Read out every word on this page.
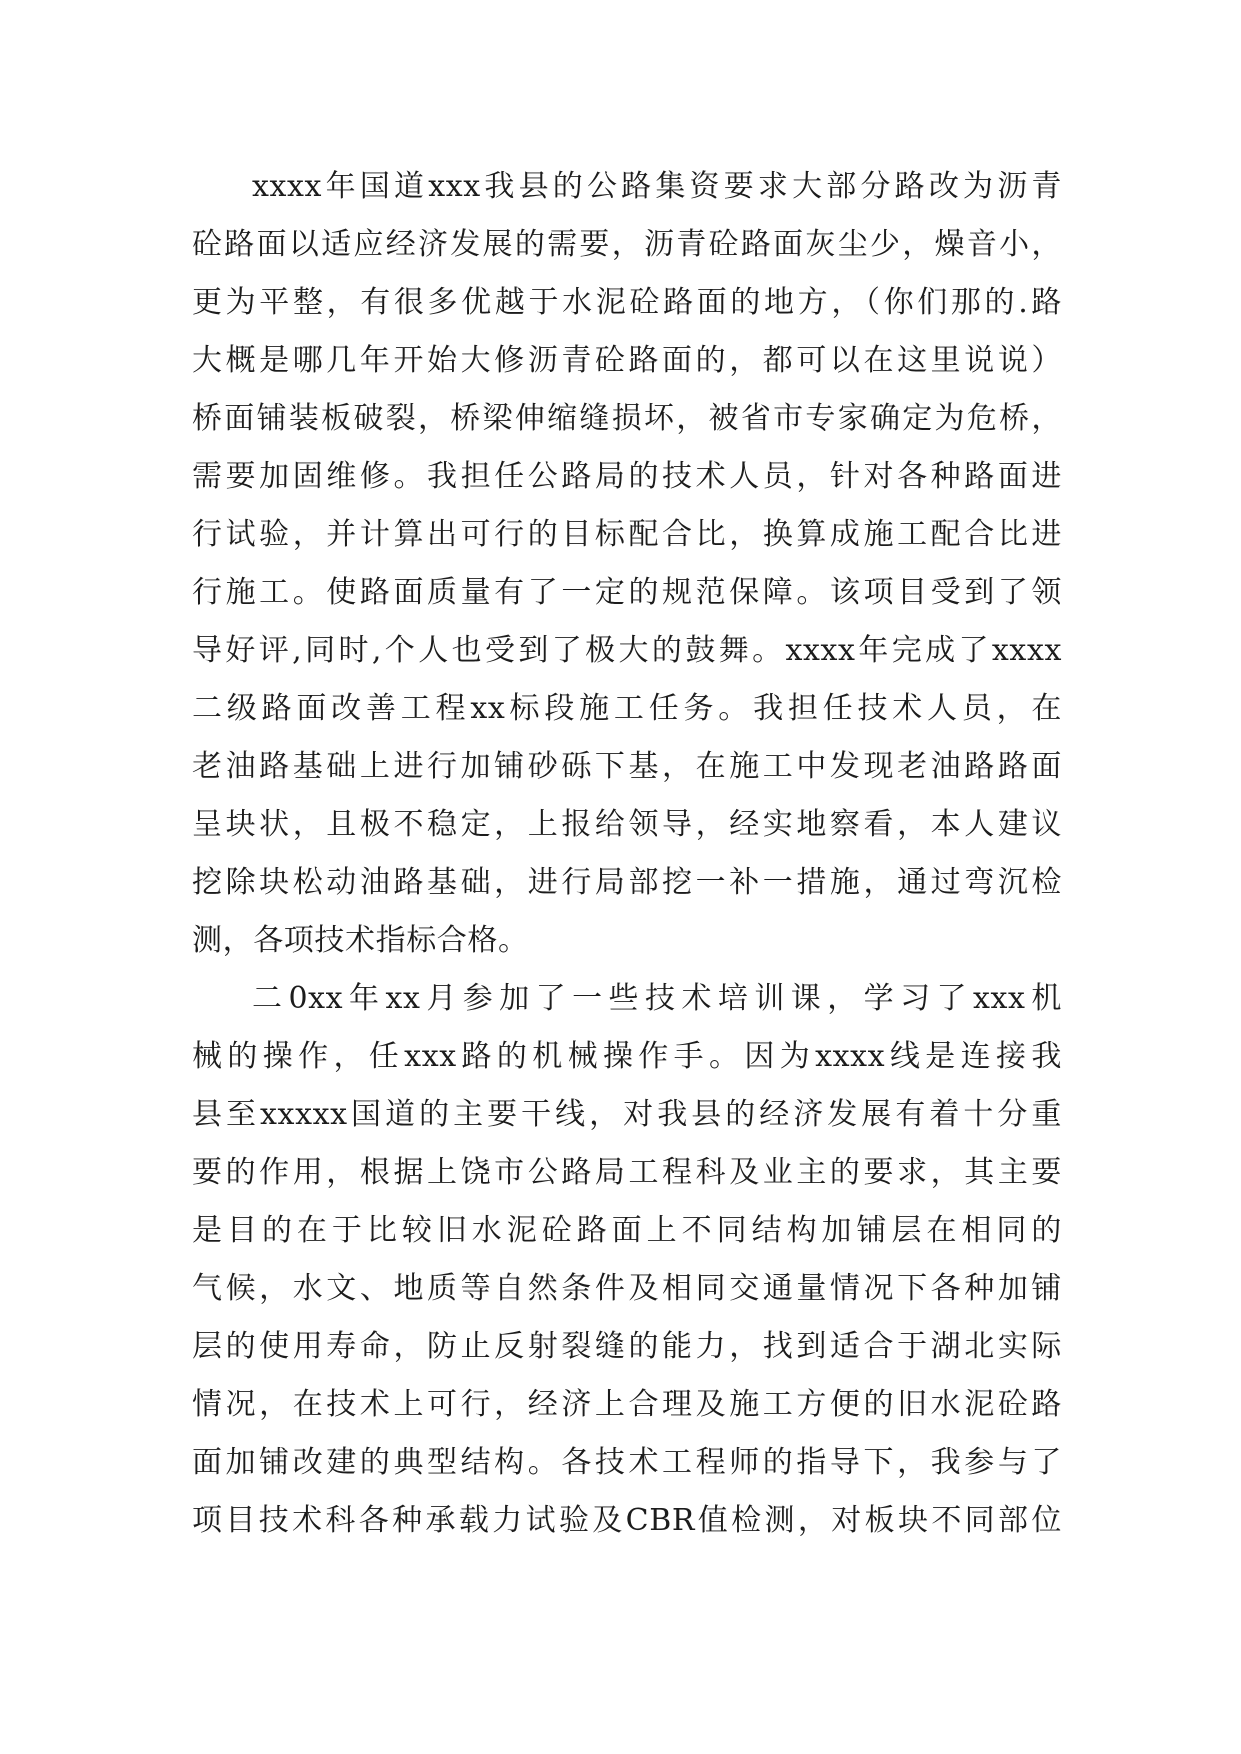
xxxx年国道xxx我县的公路集资要求大部分路改为沥青
砼路面以适应经济发展的需要，沥青砼路面灰尘少，燥音小，
更为平整，有很多优越于水泥砼路面的地方，（你们那的.路
大概是哪几年开始大修沥青砼路面的，都可以在这里说说）
桥面铺装板破裂，桥梁伸缩缝损坏，被省市专家确定为危桥，
需要加固维修。我担任公路局的技术人员，针对各种路面进
行试验，并计算出可行的目标配合比，换算成施工配合比进
行施工。使路面质量有了一定的规范保障。该项目受到了领
导好评,同时,个人也受到了极大的鼓舞。xxxx年完成了xxxx
二级路面改善工程xx标段施工任务。我担任技术人员，在
老油路基础上进行加铺砂砾下基，在施工中发现老油路路面
呈块状，且极不稳定，上报给领导，经实地察看，本人建议
挖除块松动油路基础，进行局部挖一补一措施，通过弯沉检
测，各项技术指标合格。
二0xx年xx月参加了一些技术培训课，学习了xxx机
械的操作，任xxx路的机械操作手。因为xxxx线是连接我
县至xxxxx国道的主要干线，对我县的经济发展有着十分重
要的作用，根据上饶市公路局工程科及业主的要求，其主要
是目的在于比较旧水泥砼路面上不同结构加铺层在相同的
气候，水文、地质等自然条件及相同交通量情况下各种加铺
层的使用寿命，防止反射裂缝的能力，找到适合于湖北实际
情况，在技术上可行，经济上合理及施工方便的旧水泥砼路
面加铺改建的典型结构。各技术工程师的指导下，我参与了
项目技术科各种承载力试验及CBR值检测，对板块不同部位
